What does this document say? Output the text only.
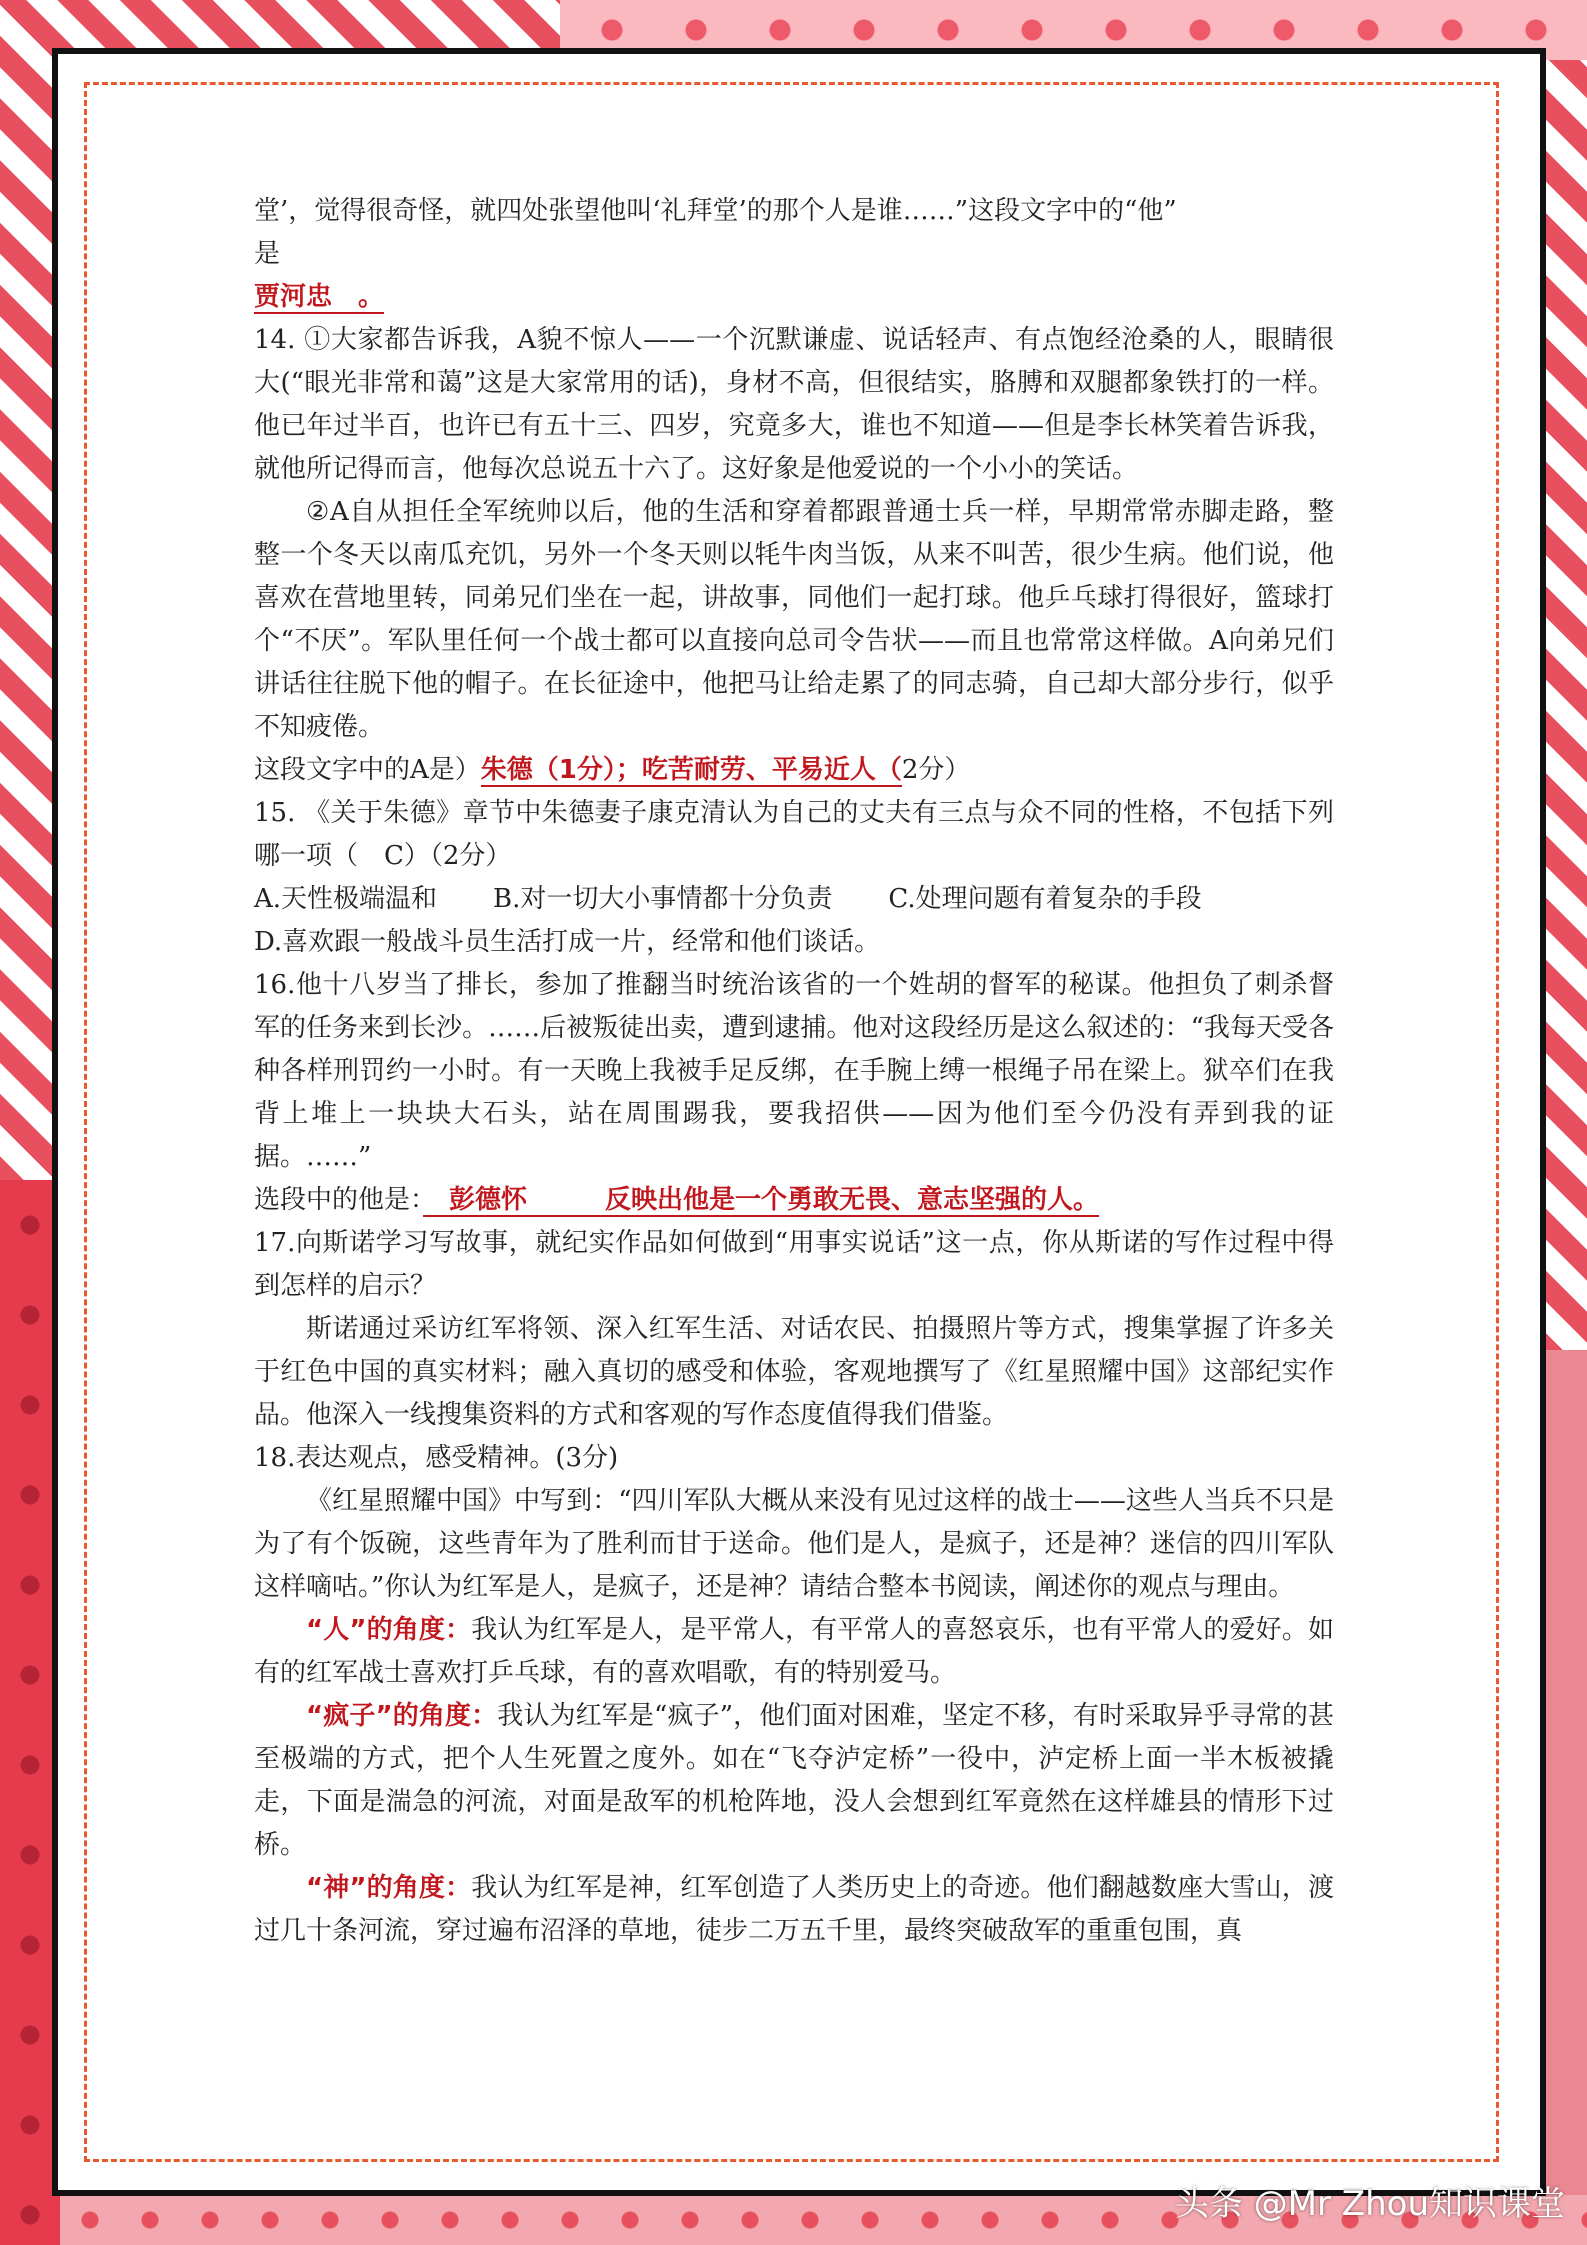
堂’，觉得很奇怪，就四处张望他叫‘礼拜堂’的那个人是谁……”这段文字中的“他”

是

贾河忠　。

14. ①大家都告诉我，A貌不惊人——一个沉默谦虚、说话轻声、有点饱经沧桑的人，眼睛很大(“眼光非常和蔼”这是大家常用的话)，身材不高，但很结实，胳膊和双腿都象铁打的一样。他已年过半百，也许已有五十三、四岁，究竟多大，谁也不知道——但是李长林笑着告诉我，就他所记得而言，他每次总说五十六了。这好象是他爱说的一个小小的笑话。

②A自从担任全军统帅以后，他的生活和穿着都跟普通士兵一样，早期常常赤脚走路，整整一个冬天以南瓜充饥，另外一个冬天则以牦牛肉当饭，从来不叫苦，很少生病。他们说，他喜欢在营地里转，同弟兄们坐在一起，讲故事，同他们一起打球。他乒乓球打得很好，篮球打个“不厌”。军队里任何一个战士都可以直接向总司令告状——而且也常常这样做。A向弟兄们讲话往往脱下他的帽子。在长征途中，他把马让给走累了的同志骑，自己却大部分步行，似乎不知疲倦。

这段文字中的A是）朱德（1分）；吃苦耐劳、平易近人（2分）

15. 《关于朱德》章节中朱德妻子康克清认为自己的丈夫有三点与众不同的性格，不包括下列哪一项（　C）（2分）

A.天性极端温和 B.对一切大小事情都十分负责 C.处理问题有着复杂的手段

D.喜欢跟一般战斗员生活打成一片，经常和他们谈话。

16.他十八岁当了排长，参加了推翻当时统治该省的一个姓胡的督军的秘谋。他担负了刺杀督军的任务来到长沙。……后被叛徒出卖，遭到逮捕。他对这段经历是这么叙述的：“我每天受各种各样刑罚约一小时。有一天晚上我被手足反绑，在手腕上缚一根绳子吊在梁上。狱卒们在我背上堆上一块块大石头，站在周围踢我，要我招供——因为他们至今仍没有弄到我的证据。……”

选段中的他是：　彭德怀　　　反映出他是一个勇敢无畏、意志坚强的人。

17.向斯诺学习写故事，就纪实作品如何做到“用事实说话”这一点，你从斯诺的写作过程中得到怎样的启示？

斯诺通过采访红军将领、深入红军生活、对话农民、拍摄照片等方式，搜集掌握了许多关于红色中国的真实材料；融入真切的感受和体验，客观地撰写了《红星照耀中国》这部纪实作品。他深入一线搜集资料的方式和客观的写作态度值得我们借鉴。

18.表达观点，感受精神。(3分)

《红星照耀中国》中写到：“四川军队大概从来没有见过这样的战士——这些人当兵不只是为了有个饭碗，这些青年为了胜利而甘于送命。他们是人，是疯子，还是神？迷信的四川军队这样嘀咕。”你认为红军是人，是疯子，还是神？请结合整本书阅读，阐述你的观点与理由。

“人”的角度：我认为红军是人，是平常人，有平常人的喜怒哀乐，也有平常人的爱好。如有的红军战士喜欢打乒乓球，有的喜欢唱歌，有的特别爱马。

“疯子”的角度：我认为红军是“疯子”，他们面对困难，坚定不移，有时采取异乎寻常的甚至极端的方式，把个人生死置之度外。如在“飞夺泸定桥”一役中，泸定桥上面一半木板被撬走，下面是湍急的河流，对面是敌军的机枪阵地，没人会想到红军竟然在这样雄县的情形下过桥。

“神”的角度：我认为红军是神，红军创造了人类历史上的奇迹。他们翻越数座大雪山，渡过几十条河流，穿过遍布沼泽的草地，徒步二万五千里，最终突破敌军的重重包围，真

头条 @Mr Zhou知识课堂
